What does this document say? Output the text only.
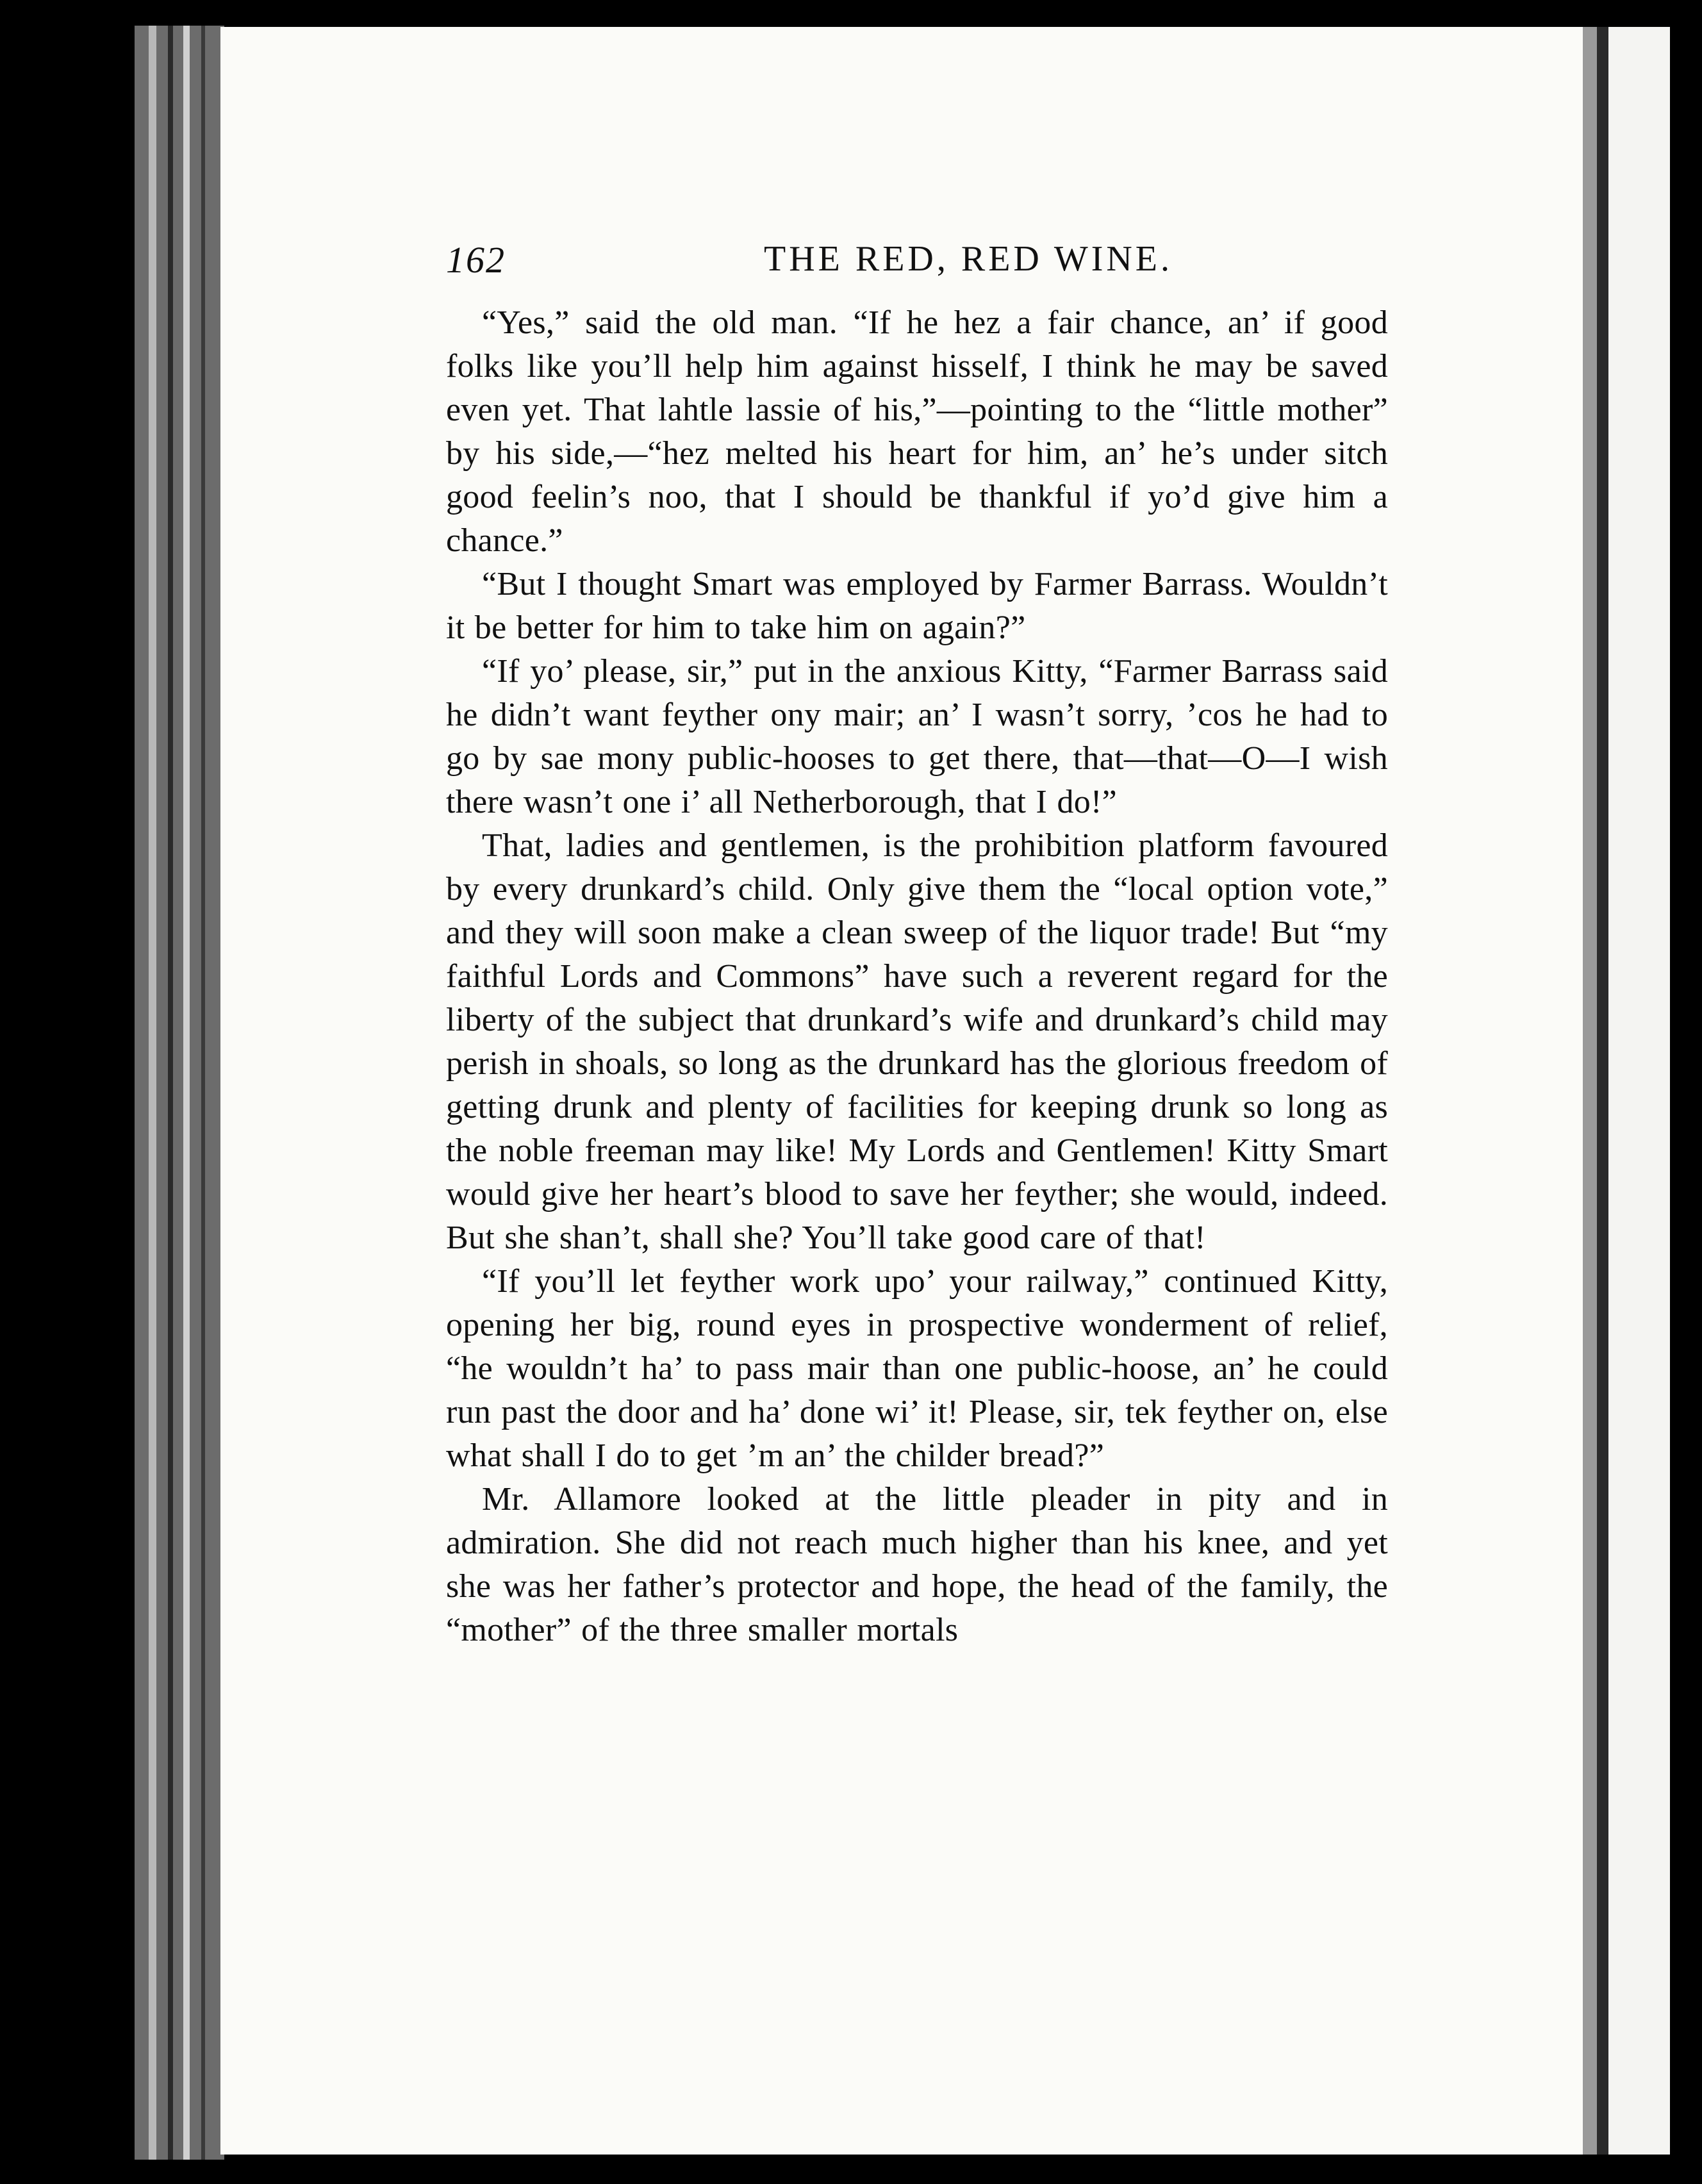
162	THE RED, RED WINE.

“Yes,” said the old man. “If he hez a fair chance, an’ if good folks like you’ll help him against hisself, I think he may be saved even yet. That lahtle lassie of his,”—pointing to the “little mother” by his side,—“hez melted his heart for him, an’ he’s under sitch good feelin’s noo, that I should be thankful if yo’d give him a chance.”

“But I thought Smart was employed by Farmer Barrass. Wouldn’t it be better for him to take him on again?”

“If yo’ please, sir,” put in the anxious Kitty, “Farmer Barrass said he didn’t want feyther ony mair; an’ I wasn’t sorry, ’cos he had to go by sae mony public-hooses to get there, that—that—O—I wish there wasn’t one i’ all Netherborough, that I do!”

That, ladies and gentlemen, is the prohibition platform favoured by every drunkard’s child. Only give them the “local option vote,” and they will soon make a clean sweep of the liquor trade! But “my faithful Lords and Commons” have such a reverent regard for the liberty of the subject that drunkard’s wife and drunkard’s child may perish in shoals, so long as the drunkard has the glorious freedom of getting drunk and plenty of facilities for keeping drunk so long as the noble freeman may like! My Lords and Gentlemen! Kitty Smart would give her heart’s blood to save her feyther; she would, indeed. But she shan’t, shall she? You’ll take good care of that!

“If you’ll let feyther work upo’ your railway,” continued Kitty, opening her big, round eyes in prospective wonderment of relief, “he wouldn’t ha’ to pass mair than one public-hoose, an’ he could run past the door and ha’ done wi’ it! Please, sir, tek feyther on, else what shall I do to get ’m an’ the childer bread?”

Mr. Allamore looked at the little pleader in pity and in admiration. She did not reach much higher than his knee, and yet she was her father’s protector and hope, the head of the family, the “mother” of the three smaller mortals
